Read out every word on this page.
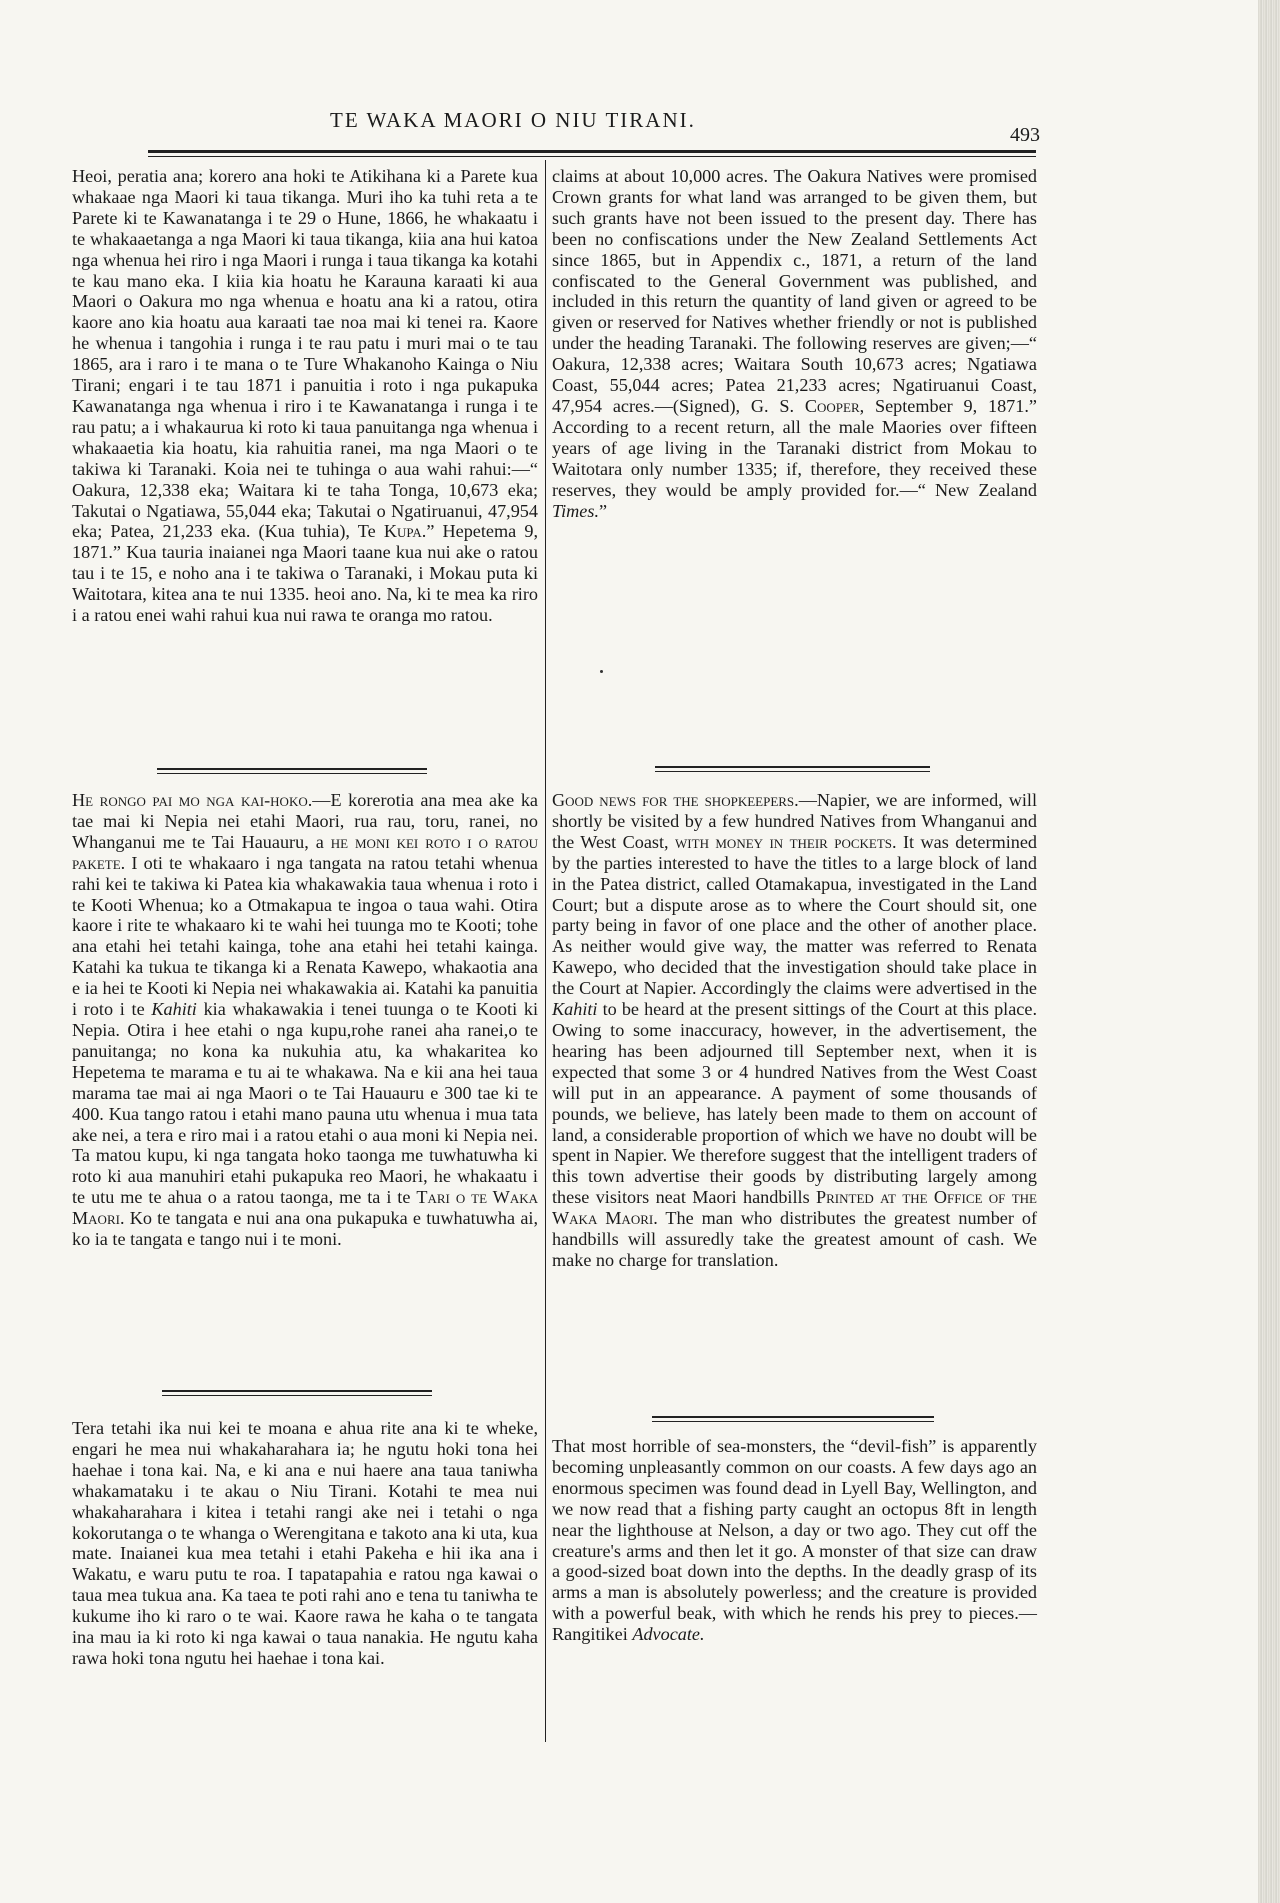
TE WAKA MAORI O NIU TIRANI.
493

Heoi, peratia ana; korero ana hoki te Atikihana ki a Parete kua whakaae nga Maori ki taua tikanga. Muri iho ka tuhi reta a te Parete ki te Kawanatanga i te 29 o Hune, 1866, he whakaatu i te whakaaetanga a nga Maori ki taua tikanga, kiia ana hui katoa nga whenua hei riro i nga Maori i runga i taua tikanga ka kotahi te kau mano eka. I kiia kia hoatu he Karauna karaati ki aua Maori o Oakura mo nga whenua e hoatu ana ki a ratou, otira kaore ano kia hoatu aua karaati tae noa mai ki tenei ra. Kaore he whenua i tangohia i runga i te rau patu i muri mai o te tau 1865, ara i raro i te mana o te Ture Whakanoho Kainga o Niu Tirani; engari i te tau 1871 i panuitia i roto i nga pukapuka Kawanatanga nga whenua i riro i te Kawanatanga i runga i te rau patu; a i whakaurua ki roto ki taua panuitanga nga whenua i whakaaetia kia hoatu, kia rahuitia ranei, ma nga Maori o te takiwa ki Taranaki. Koia nei te tuhinga o aua wahi rahui:—“ Oakura, 12,338 eka; Waitara ki te taha Tonga, 10,673 eka; Takutai o Ngatiawa, 55,044 eka; Takutai o Ngatiruanui, 47,954 eka; Patea, 21,233 eka. (Kua tuhia), Te Kupa.” Hepetema 9, 1871.” Kua tauria inaianei nga Maori taane kua nui ake o ratou tau i te 15, e noho ana i te takiwa o Taranaki, i Mokau puta ki Waitotara, kitea ana te nui 1335. heoi ano. Na, ki te mea ka riro i a ratou enei wahi rahui kua nui rawa te oranga mo ratou.

He rongo pai mo nga kai-hoko.—E korerotia ana mea ake ka tae mai ki Nepia nei etahi Maori, rua rau, toru, ranei, no Whanganui me te Tai Hauauru, a he moni kei roto i o ratou pakete. I oti te whakaaro i nga tangata na ratou tetahi whenua rahi kei te takiwa ki Patea kia whakawakia taua whenua i roto i te Kooti Whenua; ko a Otmakapua te ingoa o taua wahi. Otira kaore i rite te whakaaro ki te wahi hei tuunga mo te Kooti; tohe ana etahi hei tetahi kainga, tohe ana etahi hei tetahi kainga. Katahi ka tukua te tikanga ki a Renata Kawepo, whakaotia ana e ia hei te Kooti ki Nepia nei whakawakia ai. Katahi ka panuitia i roto i te Kahiti kia whakawakia i tenei tuunga o te Kooti ki Nepia. Otira i hee etahi o nga kupu,rohe ranei aha ranei,o te panuitanga; no kona ka nukuhia atu, ka whakaritea ko Hepetema te marama e tu ai te whakawa. Na e kii ana hei taua marama tae mai ai nga Maori o te Tai Hauauru e 300 tae ki te 400. Kua tango ratou i etahi mano pauna utu whenua i mua tata ake nei, a tera e riro mai i a ratou etahi o aua moni ki Nepia nei. Ta matou kupu, ki nga tangata hoko taonga me tuwhatuwha ki roto ki aua manuhiri etahi pukapuka reo Maori, he whakaatu i te utu me te ahua o a ratou taonga, me ta i te Tari o te Waka Maori. Ko te tangata e nui ana ona pukapuka e tuwhatuwha ai, ko ia te tangata e tango nui i te moni.

Tera tetahi ika nui kei te moana e ahua rite ana ki te wheke, engari he mea nui whakaharahara ia; he ngutu hoki tona hei haehae i tona kai. Na, e ki ana e nui haere ana taua taniwha whakamataku i te akau o Niu Tirani. Kotahi te mea nui whakaharahara i kitea i tetahi rangi ake nei i tetahi o nga kokorutanga o te whanga o Werengitana e takoto ana ki uta, kua mate. Inaianei kua mea tetahi i etahi Pakeha e hii ika ana i Wakatu, e waru putu te roa. I tapatapahia e ratou nga kawai o taua mea tukua ana. Ka taea te poti rahi ano e tena tu taniwha te kukume iho ki raro o te wai. Kaore rawa he kaha o te tangata ina mau ia ki roto ki nga kawai o taua nanakia. He ngutu kaha rawa hoki tona ngutu hei haehae i tona kai.

claims at about 10,000 acres. The Oakura Natives were promised Crown grants for what land was arranged to be given them, but such grants have not been issued to the present day. There has been no confiscations under the New Zealand Settlements Act since 1865, but in Appendix c., 1871, a return of the land confiscated to the General Government was published, and included in this return the quantity of land given or agreed to be given or reserved for Natives whether friendly or not is published under the heading Taranaki. The following reserves are given;—“ Oakura, 12,338 acres; Waitara South 10,673 acres; Ngatiawa Coast, 55,044 acres; Patea 21,233 acres; Ngatiruanui Coast, 47,954 acres.—(Signed), G. S. Cooper, September 9, 1871.” According to a recent return, all the male Maories over fifteen years of age living in the Taranaki district from Mokau to Waitotara only number 1335; if, therefore, they received these reserves, they would be amply provided for.—“ New Zealand Times.”

Good news for the shopkeepers.—Napier, we are informed, will shortly be visited by a few hundred Natives from Whanganui and the West Coast, with money in their pockets. It was determined by the parties interested to have the titles to a large block of land in the Patea district, called Otamakapua, investigated in the Land Court; but a dispute arose as to where the Court should sit, one party being in favor of one place and the other of another place. As neither would give way, the matter was referred to Renata Kawepo, who decided that the investigation should take place in the Court at Napier. Accordingly the claims were advertised in the Kahiti to be heard at the present sittings of the Court at this place. Owing to some inaccuracy, however, in the advertisement, the hearing has been adjourned till September next, when it is expected that some 3 or 4 hundred Natives from the West Coast will put in an appearance. A payment of some thousands of pounds, we believe, has lately been made to them on account of land, a considerable proportion of which we have no doubt will be spent in Napier. We therefore suggest that the intelligent traders of this town advertise their goods by distributing largely among these visitors neat Maori handbills Printed at the Office of the Waka Maori. The man who distributes the greatest number of handbills will assuredly take the greatest amount of cash. We make no charge for translation.

That most horrible of sea-monsters, the “devil-fish” is apparently becoming unpleasantly common on our coasts. A few days ago an enormous specimen was found dead in Lyell Bay, Wellington, and we now read that a fishing party caught an octopus 8ft in length near the lighthouse at Nelson, a day or two ago. They cut off the creature's arms and then let it go. A monster of that size can draw a good-sized boat down into the depths. In the deadly grasp of its arms a man is absolutely powerless; and the creature is provided with a powerful beak, with which he rends his prey to pieces.—Rangitikei Advocate.
